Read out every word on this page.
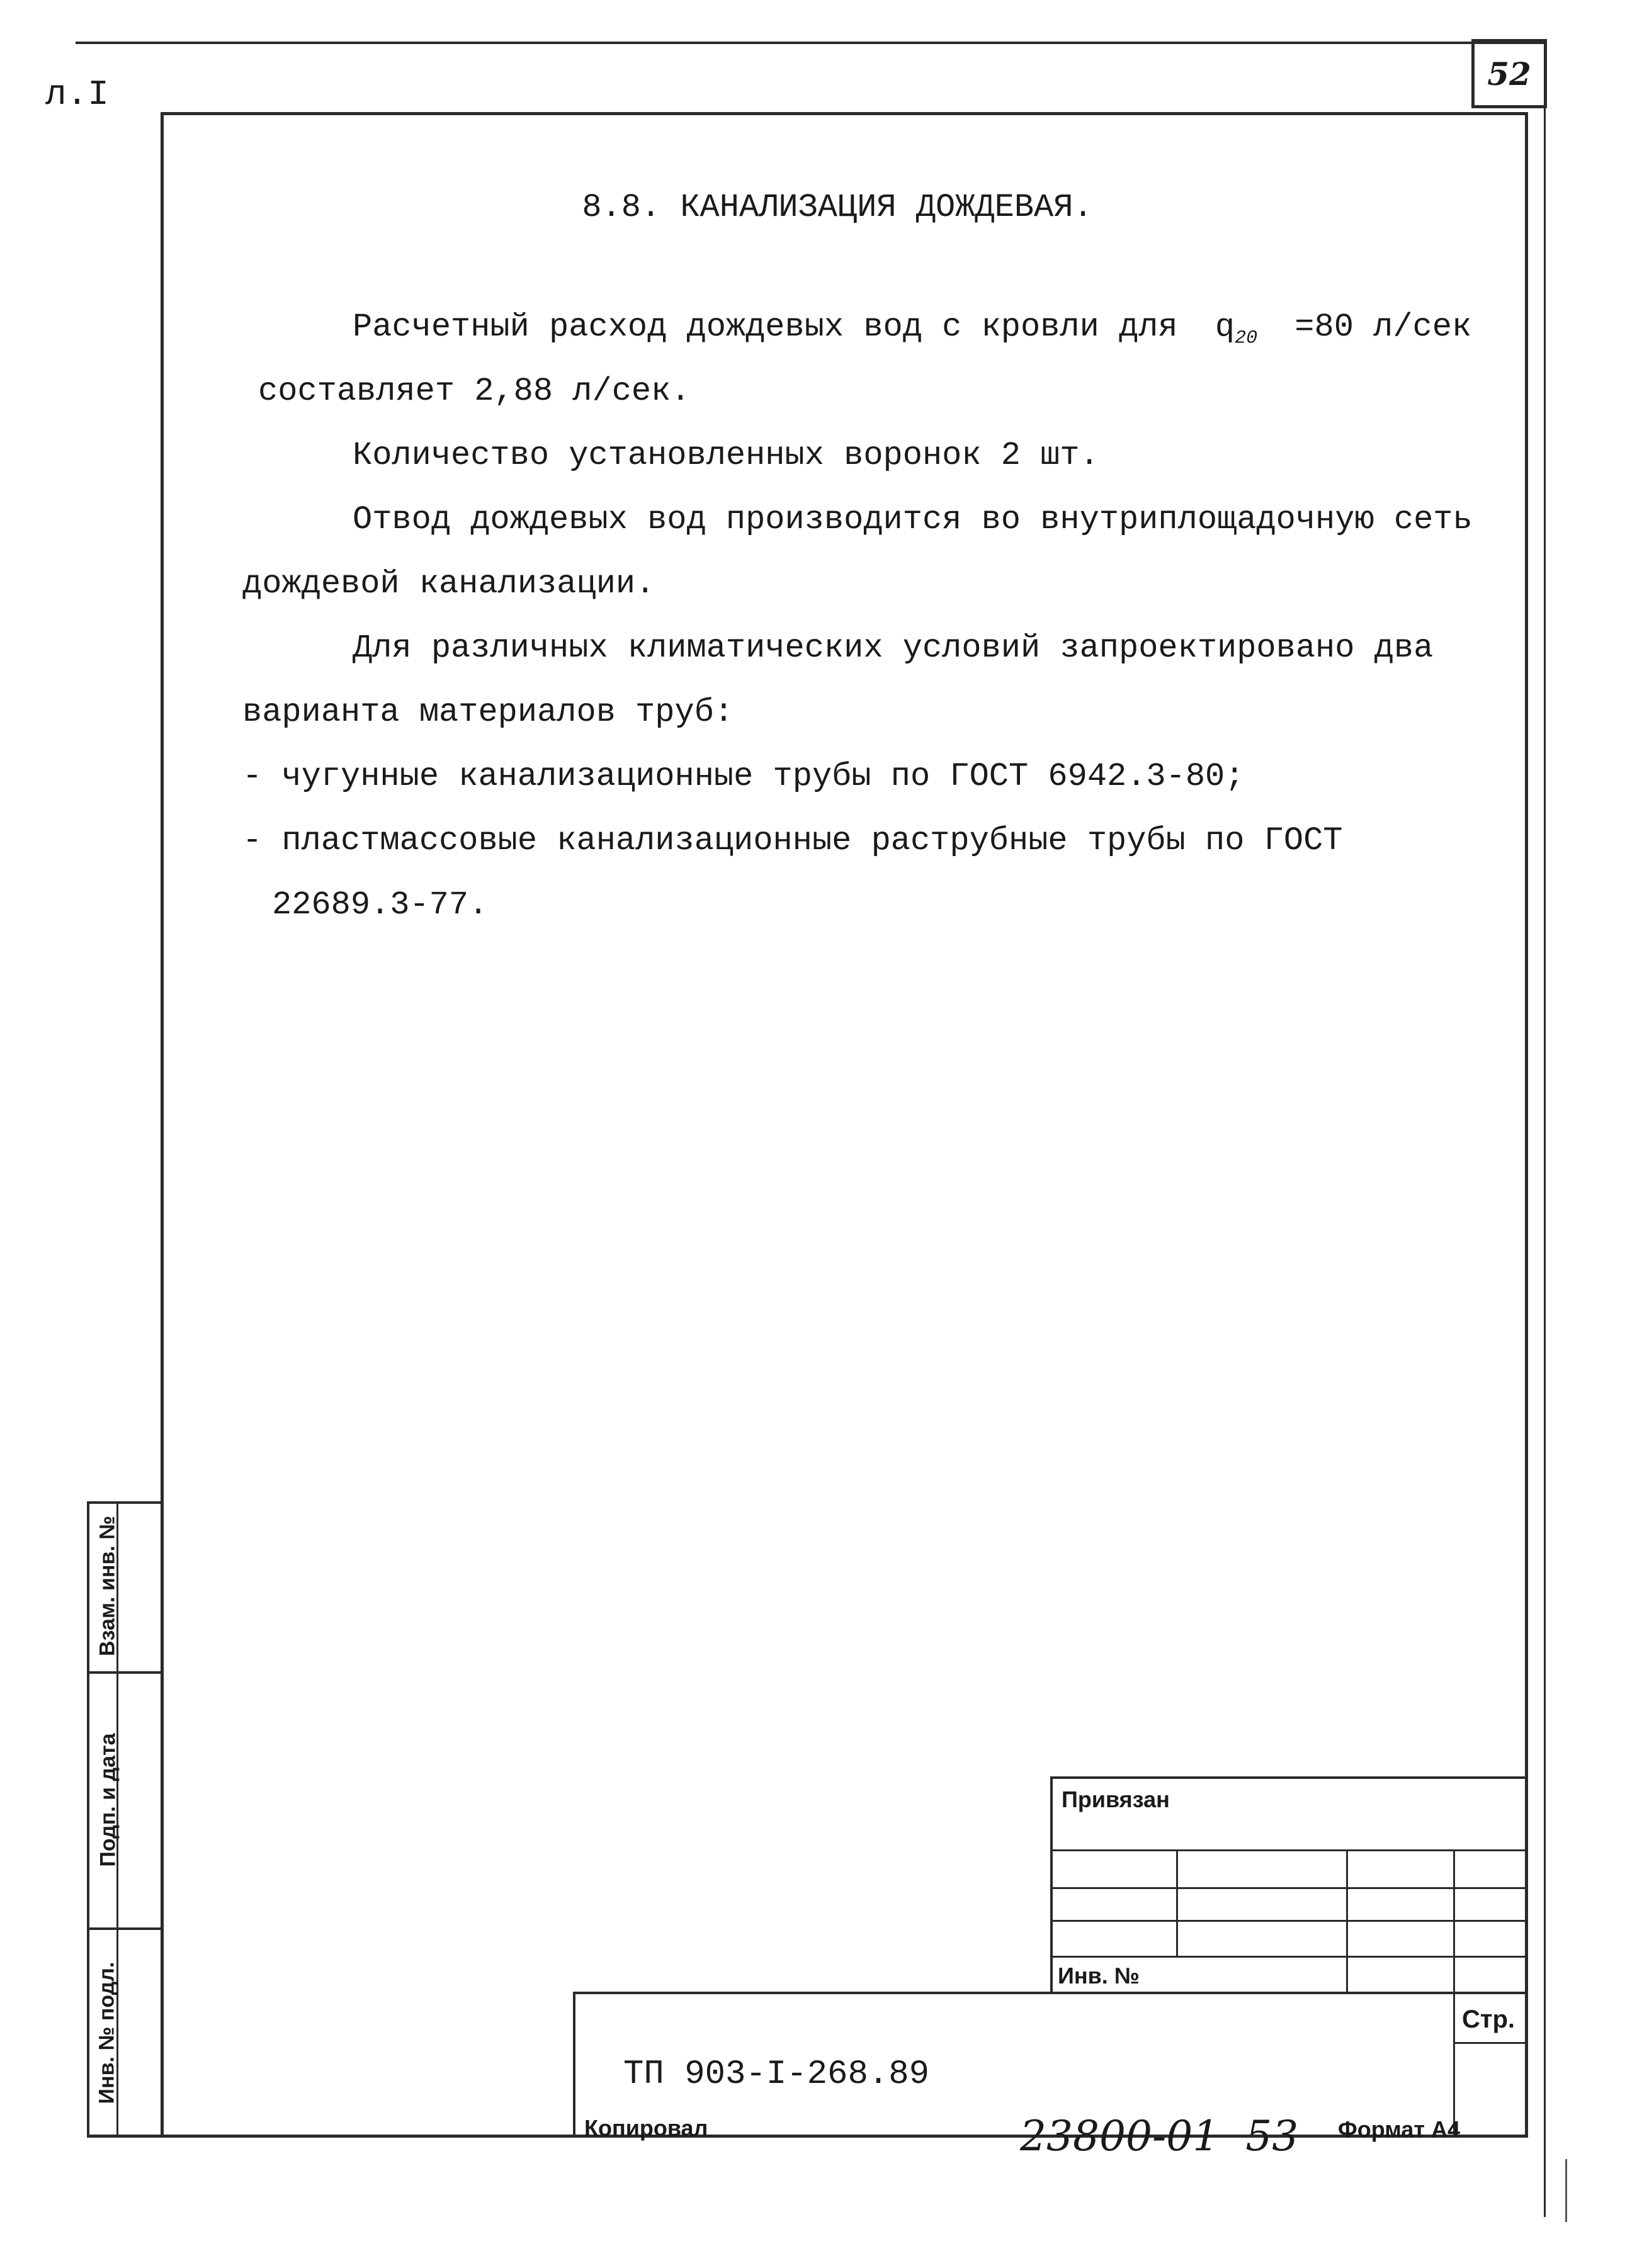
л.I
52
8.8. КАНАЛИЗАЦИЯ ДОЖДЕВАЯ.
Расчетный расход дождевых вод с кровли для $q_{20} =80$ л/сек
составляет 2,88 л/сек.
Количество установленных воронок 2 шт.
Отвод дождевых вод производится во внутриплощадочную сеть
дождевой канализации.
Для различных климатических условий запроектировано два
варианта материалов труб:
- чугунные канализационные трубы по ГОСТ 6942.3-80;
- пластмассовые канализационные раструбные трубы по ГОСТ
22689.3-77.
Взам. инв. №
Подп. и дата
Инв. № подл.
Привязан
Инв. №
Стр.
ТП 903-I-268.89
Копировал	23800-01  53 Формат А4
